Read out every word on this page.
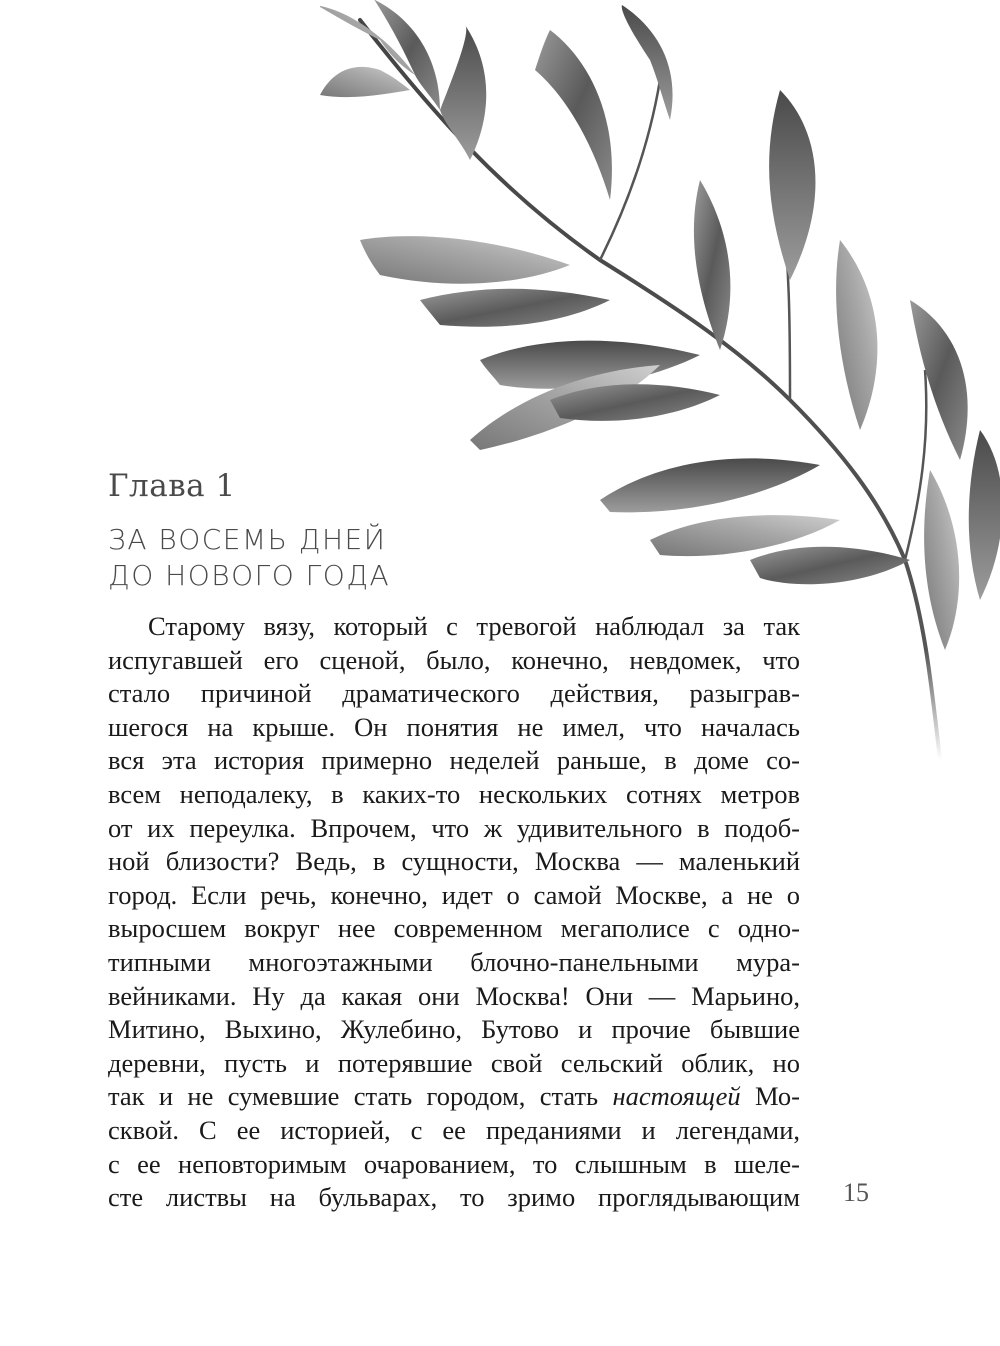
Глава 1
ЗА ВОСЕМЬ ДНЕЙ
ДО НОВОГО ГОДА
Старому вязу, который с тревогой наблюдал за так
испугавшей его сценой, было, конечно, невдомек, что
стало причиной драматического действия, разыграв-
шегося на крыше. Он понятия не имел, что началась
вся эта история примерно неделей раньше, в доме со-
всем неподалеку, в каких-то нескольких сотнях метров
от их переулка. Впрочем, что ж удивительного в подоб-
ной близости? Ведь, в сущности, Москва — маленький
город. Если речь, конечно, идет о самой Москве, а не о
выросшем вокруг нее современном мегаполисе с одно-
типными многоэтажными блочно-панельными мура-
вейниками. Ну да какая они Москва! Они — Марьино,
Митино, Выхино, Жулебино, Бутово и прочие бывшие
деревни, пусть и потерявшие свой сельский облик, но
так и не сумевшие стать городом, стать настоящей Мо-
сквой. С ее историей, с ее преданиями и легендами,
с ее неповторимым очарованием, то слышным в шеле-
сте листвы на бульварах, то зримо проглядывающим 15
